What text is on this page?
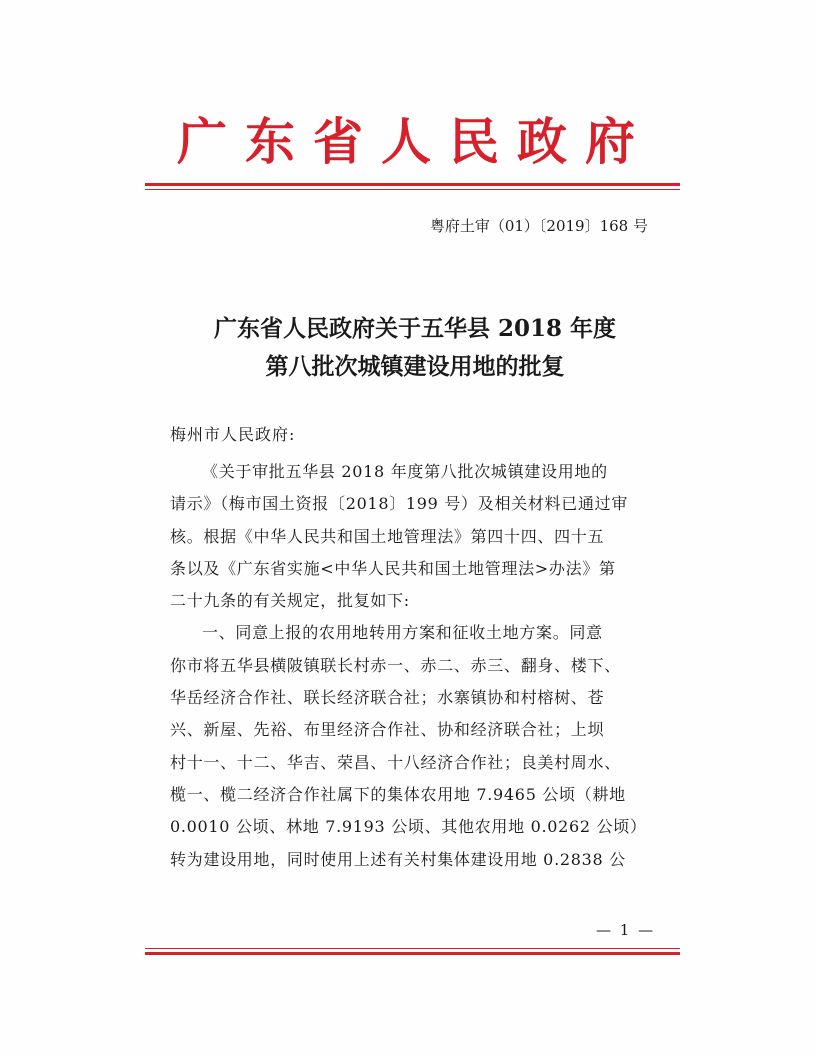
广东省人民政府
粤府土审（01）〔2019〕168 号
广东省人民政府关于五华县 2018 年度
第八批次城镇建设用地的批复
梅州市人民政府:
《关于审批五华县 2018 年度第八批次城镇建设用地的
请示》（梅市国土资报〔2018〕199 号）及相关材料已通过审
核。根据《中华人民共和国土地管理法》第四十四、四十五
条以及《广东省实施<中华人民共和国土地管理法>办法》第
二十九条的有关规定，批复如下:
一、同意上报的农用地转用方案和征收土地方案。同意
你市将五华县横陂镇联长村赤一、赤二、赤三、翻身、楼下、
华岳经济合作社、联长经济联合社；水寨镇协和村榕树、苍
兴、新屋、先裕、布里经济合作社、协和经济联合社；上坝
村十一、十二、华吉、荣昌、十八经济合作社；良美村周水、
榄一、榄二经济合作社属下的集体农用地 7.9465 公顷（耕地
0.0010 公顷、林地 7.9193 公顷、其他农用地 0.0262 公顷）
转为建设用地，同时使用上述有关村集体建设用地 0.2838 公
— 1 —
